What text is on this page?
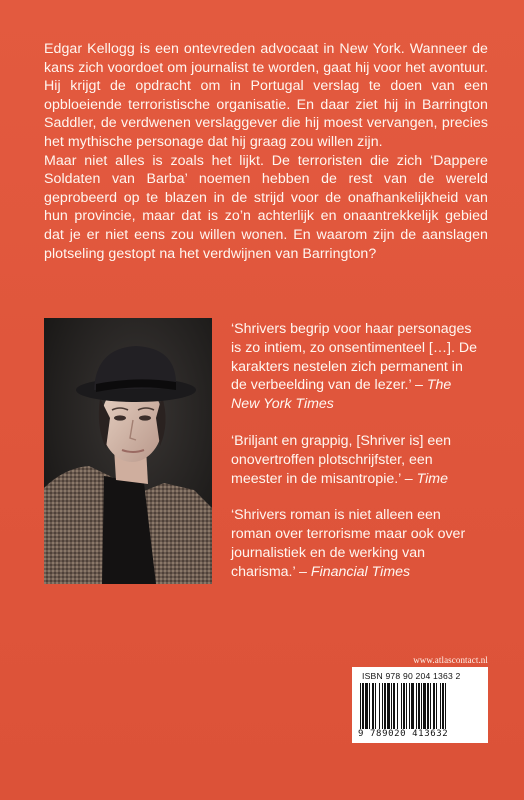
Edgar Kellogg is een ontevreden advocaat in New York. Wanneer de kans zich voordoet om journalist te worden, gaat hij voor het avontuur. Hij krijgt de opdracht om in Portugal verslag te doen van een opbloeiende terroristische organisatie. En daar ziet hij in Barrington Saddler, de verdwenen verslaggever die hij moest vervangen, precies het mythische personage dat hij graag zou willen zijn.

Maar niet alles is zoals het lijkt. De terroristen die zich ‘Dappere Soldaten van Barba’ noemen hebben de rest van de wereld geprobeerd op te blazen in de strijd voor de onafhankelijkheid van hun provincie, maar dat is zo’n achterlijk en onaantrekkelijk gebied dat je er niet eens zou willen wonen. En waarom zijn de aanslagen plotseling gestopt na het verdwijnen van Barrington?

‘Shrivers begrip voor haar personages is zo intiem, zo onsentimenteel […]. De karakters nestelen zich permanent in de verbeelding van de lezer.’ – The New York Times

‘Briljant en grappig, [Shriver is] een onovertroffen plotschrijfster, een meester in de misantropie.’ – Time

‘Shrivers roman is niet alleen een roman over terrorisme maar ook over journalistiek en de werking van charisma.’ – Financial Times

www.atlascontact.nl
ISBN 978 90 204 1363 2
9 789020 413632
